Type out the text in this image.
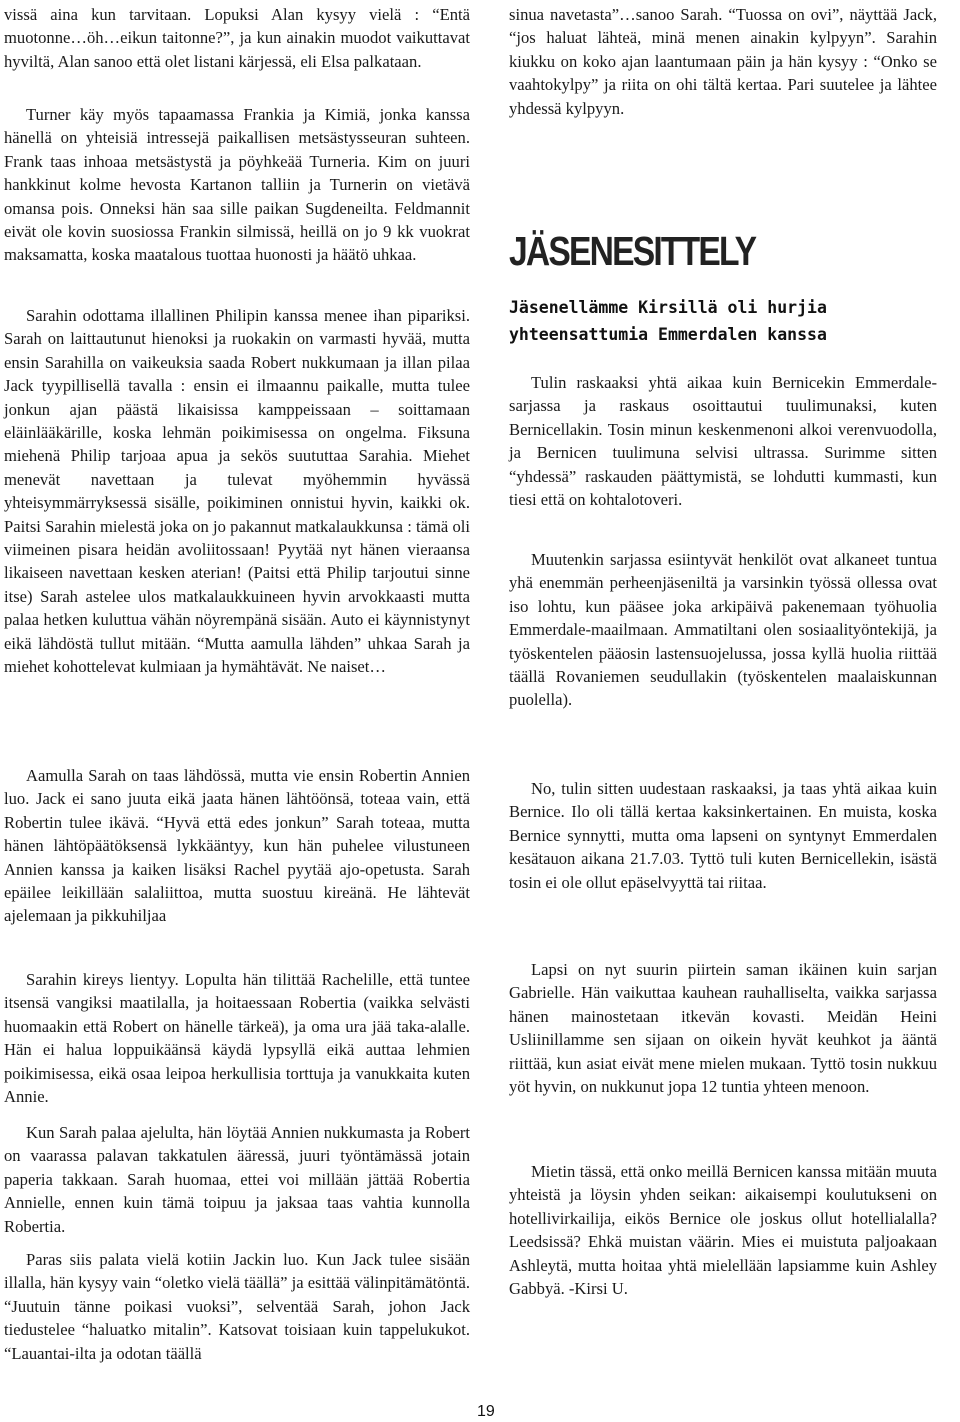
vissä aina kun tarvitaan. Lopuksi Alan kysyy vielä : “Entä muotonne…öh…eikun taitonne?”, ja kun ainakin muodot vaikuttavat hyviltä, Alan sanoo että olet listani kärjessä, eli Elsa palkataan.

Turner käy myös tapaamassa Frankia ja Kimiä, jonka kanssa hänellä on yhteisiä intressejä paikallisen metsästysseuran suhteen. Frank taas inhoaa metsästystä ja pöyhkeää Turneria. Kim on juuri hankkinut kolme hevosta Kartanon talliin ja Turnerin on vietävä omansa pois. Onneksi hän saa sille paikan Sugdeneilta. Feldmannit eivät ole kovin suosiossa Frankin silmissä, heillä on jo 9 kk vuokrat maksamatta, koska maatalous tuottaa huonosti ja häätö uhkaa.

Sarahin odottama illallinen Philipin kanssa menee ihan pipariksi. Sarah on laittautunut hienoksi ja ruokakin on varmasti hyvää, mutta ensin Sarahilla on vaikeuksia saada Robert nukkumaan ja illan pilaa Jack tyypillisellä tavalla : ensin ei ilmaannu paikalle, mutta tulee jonkun ajan päästä likaisissa kamppeissaan – soittamaan eläinlääkärille, koska lehmän poikimisessa on ongelma. Fiksuna miehenä Philip tarjoaa apua ja sekös suututtaa Sarahia. Miehet menevät navettaan ja tulevat myöhemmin hyvässä yhteisymmärryksessä sisälle, poikiminen onnistui hyvin, kaikki ok. Paitsi Sarahin mielestä joka on jo pakannut matkalaukkunsa : tämä oli viimeinen pisara heidän avoliitossaan! Pyytää nyt hänen vieraansa likaiseen navettaan kesken aterian! (Paitsi että Philip tarjoutui sinne itse) Sarah astelee ulos matkalaukkuineen hyvin arvokkaasti mutta palaa hetken kuluttua vähän nöyrempänä sisään. Auto ei käynnistynyt eikä lähdöstä tullut mitään. “Mutta aamulla lähden” uhkaa Sarah ja miehet kohottelevat kulmiaan ja hymähtävät. Ne naiset…

Aamulla Sarah on taas lähdössä, mutta vie ensin Robertin Annien luo. Jack ei sano juuta eikä jaata hänen lähtöönsä, toteaa vain, että Robertin tulee ikävä. “Hyvä että edes jonkun” Sarah toteaa, mutta hänen lähtöpäätöksensä lykkääntyy, kun hän puhelee vilustuneen Annien kanssa ja kaiken lisäksi Rachel pyytää ajo-opetusta. Sarah epäilee leikillään salaliittoa, mutta suostuu kireänä. He lähtevät ajelemaan ja pikkuhiljaa

Sarahin kireys lientyy. Lopulta hän tilittää Rachelille, että tuntee itsensä vangiksi maatilalla, ja hoitaessaan Robertia (vaikka selvästi huomaakin että Robert on hänelle tärkeä), ja oma ura jää taka-alalle. Hän ei halua loppuikäänsä käydä lypsyllä eikä auttaa lehmien poikimisessa, eikä osaa leipoa herkullisia torttuja ja vanukkaita kuten Annie.

Kun Sarah palaa ajelulta, hän löytää Annien nukkumasta ja Robert on vaarassa palavan takkatulen ääressä, juuri työntämässä jotain paperia takkaan. Sarah huomaa, ettei voi millään jättää Robertia Annielle, ennen kuin tämä toipuu ja jaksaa taas vahtia kunnolla Robertia.

Paras siis palata vielä kotiin Jackin luo. Kun Jack tulee sisään illalla, hän kysyy vain “oletko vielä täällä” ja esittää välinpitämätöntä. “Juutuin tänne poikasi vuoksi”, selventää Sarah, johon Jack tiedustelee “haluatko mitalin”. Katsovat toisiaan kuin tappelukukot. “Lauantai-ilta ja odotan täällä

sinua navetasta”…sanoo Sarah. “Tuossa on ovi”, näyttää Jack, “jos haluat lähteä, minä menen ainakin kylpyyn”. Sarahin kiukku on koko ajan laantumaan päin ja hän kysyy : “Onko se vaahtokylpy” ja riita on ohi tältä kertaa. Pari suutelee ja lähtee yhdessä kylpyyn.

Tulin raskaaksi yhtä aikaa kuin Bernicekin Emmerdale-sarjassa ja raskaus osoittautui tuulimunaksi, kuten Bernicellakin. Tosin minun keskenmenoni alkoi verenvuodolla, ja Bernicen tuulimuna selvisi ultrassa. Surimme sitten “yhdessä” raskauden päättymistä, se lohdutti kummasti, kun tiesi että on kohtalotoveri.

Muutenkin sarjassa esiintyvät henkilöt ovat alkaneet tuntua yhä enemmän perheenjäseniltä ja varsinkin työssä ollessa ovat iso lohtu, kun pääsee joka arkipäivä pakenemaan työhuolia Emmerdale-maailmaan. Ammatiltani olen sosiaalityöntekijä, ja työskentelen pääosin lastensuojelussa, jossa kyllä huolia riittää täällä Rovaniemen seudullakin (työskentelen maalaiskunnan puolella).

No, tulin sitten uudestaan raskaaksi, ja taas yhtä aikaa kuin Bernice. Ilo oli tällä kertaa kaksinkertainen. En muista, koska Bernice synnytti, mutta oma lapseni on syntynyt Emmerdalen kesätauon aikana 21.7.03. Tyttö tuli kuten Bernicellekin, isästä tosin ei ole ollut epäselvyyttä tai riitaa.

Lapsi on nyt suurin piirtein saman ikäinen kuin sarjan Gabrielle. Hän vaikuttaa kauhean rauhalliselta, vaikka sarjassa hänen mainostetaan itkevän kovasti. Meidän Heini Usliinillamme sen sijaan on oikein hyvät keuhkot ja ääntä riittää, kun asiat eivät mene mielen mukaan. Tyttö tosin nukkuu yöt hyvin, on nukkunut jopa 12 tuntia yhteen menoon.

Mietin tässä, että onko meillä Bernicen kanssa mitään muuta yhteistä ja löysin yhden seikan: aikaisempi koulutukseni on hotellivirkailija, eikös Bernice ole joskus ollut hotellialalla? Leedsissä? Ehkä muistan väärin. Mies ei muistuta paljoakaan Ashleytä, mutta hoitaa yhtä mielellään lapsiamme kuin Ashley Gabbyä. -Kirsi U.

JÄSENESITTELY
Jäsenellämme Kirsillä oli hurjia yhteensattumia Emmerdalen kanssa
19
